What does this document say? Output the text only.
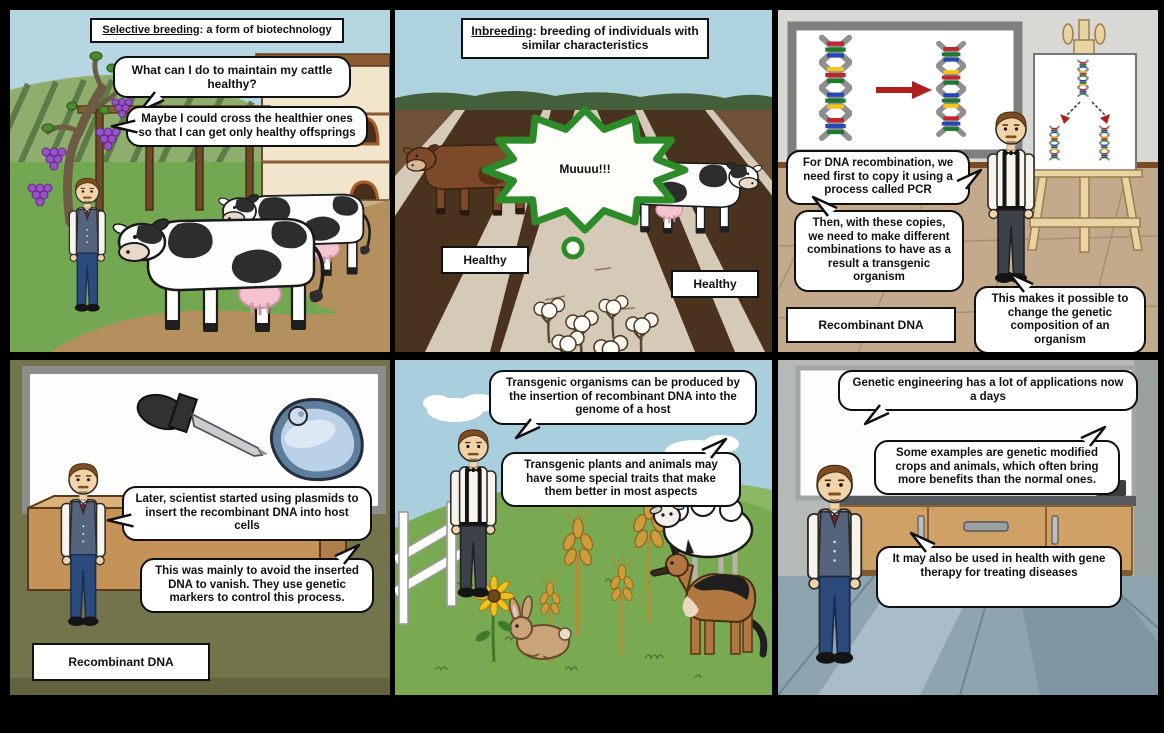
Selective breeding: a form of biotechnology
What can I do to maintain my cattle healthy?
Maybe I could cross the healthier ones so that I can get only healthy offsprings
Inbreeding: breeding of individuals with similar characteristics
Muuuu!!!
Healthy
Healthy
For DNA recombination, we need first to copy it using a process called PCR
Then, with these copies, we need to make different combinations to have as a result a transgenic organism
This makes it possible to change the genetic composition of an organism
Recombinant DNA
Later, scientist started using plasmids to insert the recombinant DNA into host cells
This was mainly to avoid the inserted DNA to vanish. They use genetic markers to control this process.
Recombinant DNA
Transgenic organisms can be produced by the insertion of recombinant DNA into the genome of a host
Transgenic plants and animals may have some special traits that make them better in most aspects
Genetic engineering has a lot of applications now a days
Some examples are genetic modified crops and animals, which often bring more benefits than the normal ones.
It may also be used in health with gene therapy for treating diseases
